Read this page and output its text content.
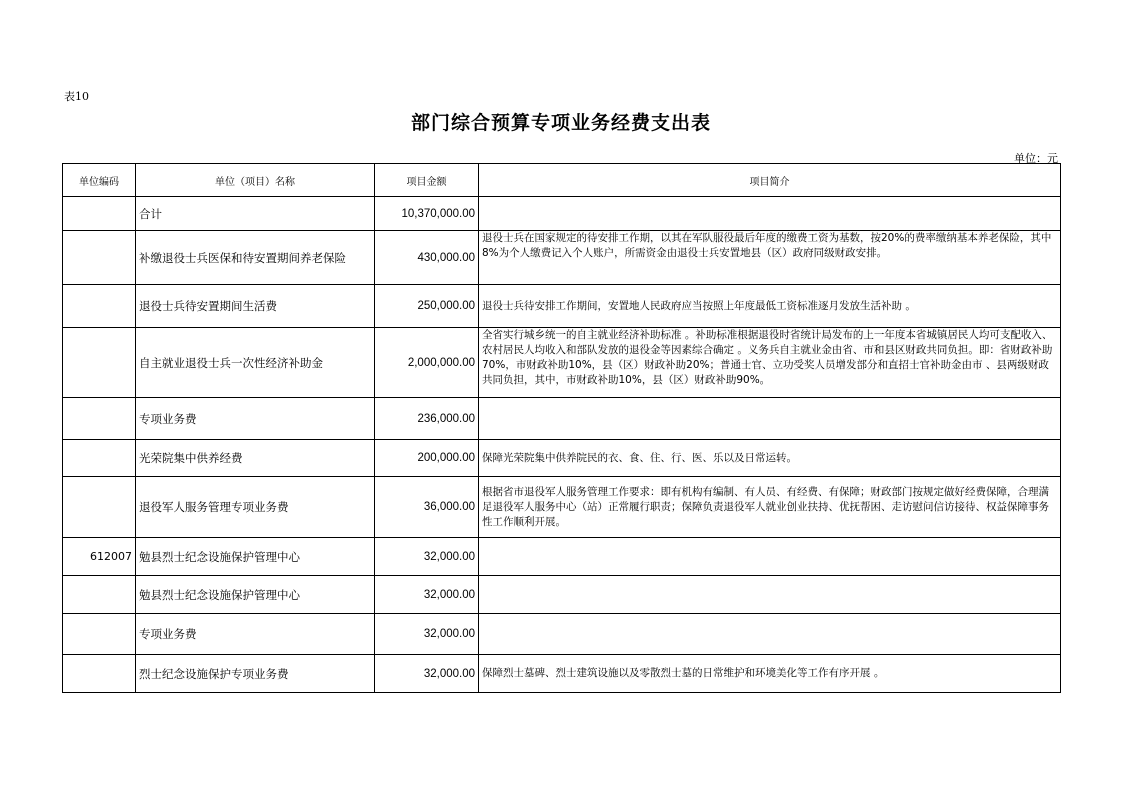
表10
部门综合预算专项业务经费支出表
单位：元
单位编码	单位（项目）名称	项目金额	项目简介
	合计	10,370,000.00	
	补缴退役士兵医保和待安置期间养老保险	430,000.00	退役士兵在国家规定的待安排工作期，以其在军队服役最后年度的缴费工资为基数，按20%的费率缴纳基本养老保险，其中8%为个人缴费记入个人账户，所需资金由退役士兵安置地县（区）政府同级财政安排。
	退役士兵待安置期间生活费	250,000.00	退役士兵待安排工作期间，安置地人民政府应当按照上年度最低工资标准逐月发放生活补助 。
	自主就业退役士兵一次性经济补助金	2,000,000.00	全省实行城乡统一的自主就业经济补助标准 。补助标准根据退役时省统计局发布的上一年度本省城镇居民人均可支配收入、农村居民人均收入和部队发放的退役金等因素综合确定 。义务兵自主就业金由省、市和县区财政共同负担。即：省财政补助70%，市财政补助10%，县（区）财政补助20%；普通士官、立功受奖人员增发部分和直招士官补助金由市 、县两级财政共同负担，其中，市财政补助10%，县（区）财政补助90%。
	专项业务费	236,000.00	
	光荣院集中供养经费	200,000.00	保障光荣院集中供养院民的衣、食、住、行、医、乐以及日常运转。
	退役军人服务管理专项业务费	36,000.00	根据省市退役军人服务管理工作要求：即有机构有编制、有人员、有经费、有保障；财政部门按规定做好经费保障，合理满足退役军人服务中心（站）正常履行职责；保障负责退役军人就业创业扶持、优抚帮困、走访慰问信访接待、权益保障事务性工作顺利开展。
612007	勉县烈士纪念设施保护管理中心	32,000.00	
	勉县烈士纪念设施保护管理中心	32,000.00	
	专项业务费	32,000.00	
	烈士纪念设施保护专项业务费	32,000.00	保障烈士墓碑、烈士建筑设施以及零散烈士墓的日常维护和环境美化等工作有序开展 。
